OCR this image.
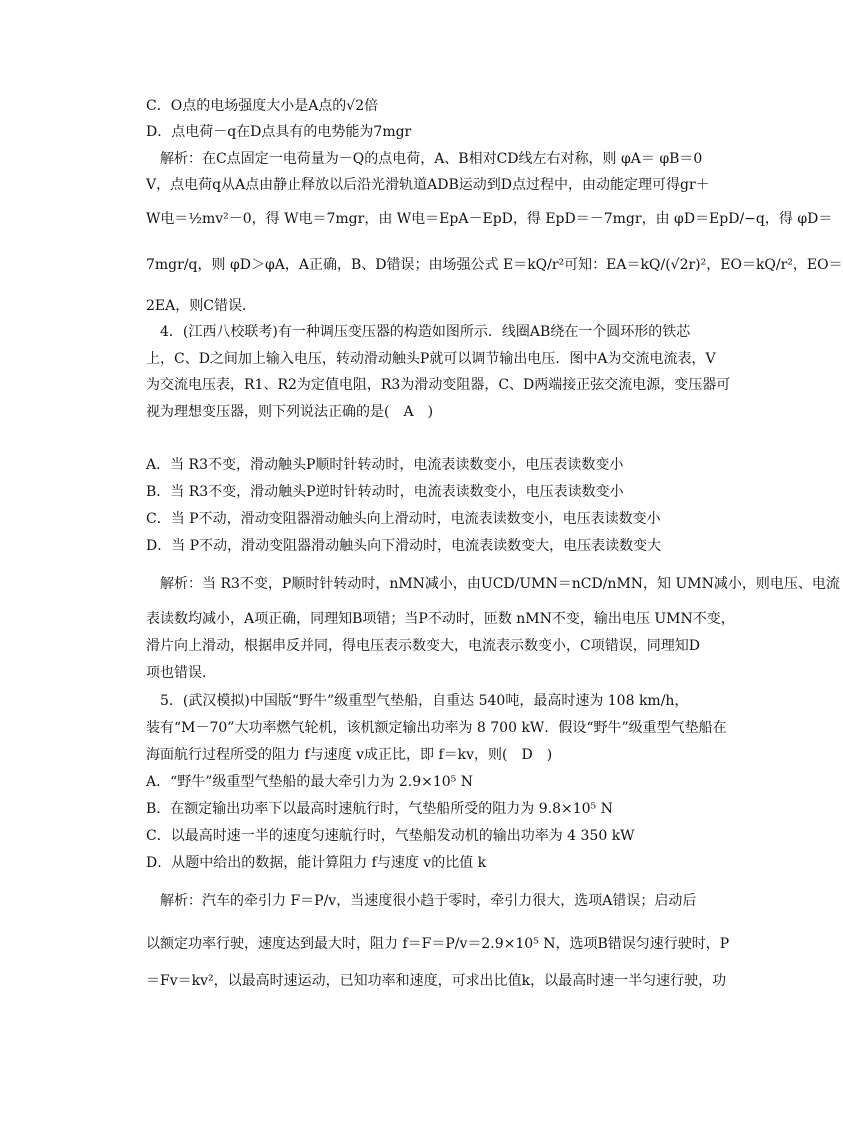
C．O点的电场强度大小是A点的√2倍
D．点电荷－q在D点具有的电势能为7mgr
　解析：在C点固定一电荷量为－Q的点电荷，A、B相对CD线左右对称，则 φA＝ φB＝0
V，点电荷q从A点由静止释放以后沿光滑轨道ADB运动到D点过程中，由动能定理可得gr＋
W电＝½mv²－0，得 W电＝7mgr，由 W电＝EpA－EpD，得 EpD＝－7mgr，由 φD＝EpD/−q，得 φD＝
7mgr/q，则 φD＞φA，A正确，B、D错误；由场强公式 E＝kQ/r²可知：EA＝kQ/(√2r)²，EO＝kQ/r²，EO＝
2EA，则C错误．
　4．(江西八校联考)有一种调压变压器的构造如图所示．线圈AB绕在一个圆环形的铁芯
上，C、D之间加上输入电压，转动滑动触头P就可以调节输出电压．图中A为交流电流表，V
为交流电压表，R1、R2为定值电阻，R3为滑动变阻器，C、D两端接正弦交流电源，变压器可
视为理想变压器，则下列说法正确的是(　A　)
A．当 R3不变，滑动触头P顺时针转动时，电流表读数变小，电压表读数变小
B．当 R3不变，滑动触头P逆时针转动时，电流表读数变小，电压表读数变小
C．当 P不动，滑动变阻器滑动触头向上滑动时，电流表读数变小，电压表读数变小
D．当 P不动，滑动变阻器滑动触头向下滑动时，电流表读数变大，电压表读数变大
　解析：当 R3不变，P顺时针转动时，nMN减小，由UCD/UMN＝nCD/nMN，知 UMN减小，则电压、电流
表读数均减小，A项正确，同理知B项错；当P不动时，匝数 nMN不变，输出电压 UMN不变，
滑片向上滑动，根据串反并同，得电压表示数变大，电流表示数变小，C项错误，同理知D
项也错误．
　5．(武汉模拟)中国版“野牛”级重型气垫船，自重达 540吨，最高时速为 108 km/h，
装有“M－70”大功率燃气轮机，该机额定输出功率为 8 700 kW．假设“野牛”级重型气垫船在
海面航行过程所受的阻力 f与速度 v成正比，即 f＝kv，则(　D　)
A．“野牛”级重型气垫船的最大牵引力为 2.9×10⁵ N
B．在额定输出功率下以最高时速航行时，气垫船所受的阻力为 9.8×10⁵ N
C．以最高时速一半的速度匀速航行时，气垫船发动机的输出功率为 4 350 kW
D．从题中给出的数据，能计算阻力 f与速度 v的比值 k
　解析：汽车的牵引力 F＝P/v，当速度很小趋于零时，牵引力很大，选项A错误；启动后
以额定功率行驶，速度达到最大时，阻力 f＝F＝P/v＝2.9×10⁵ N，选项B错误匀速行驶时，P
＝Fv＝kv²，以最高时速运动，已知功率和速度，可求出比值k，以最高时速一半匀速行驶，功
